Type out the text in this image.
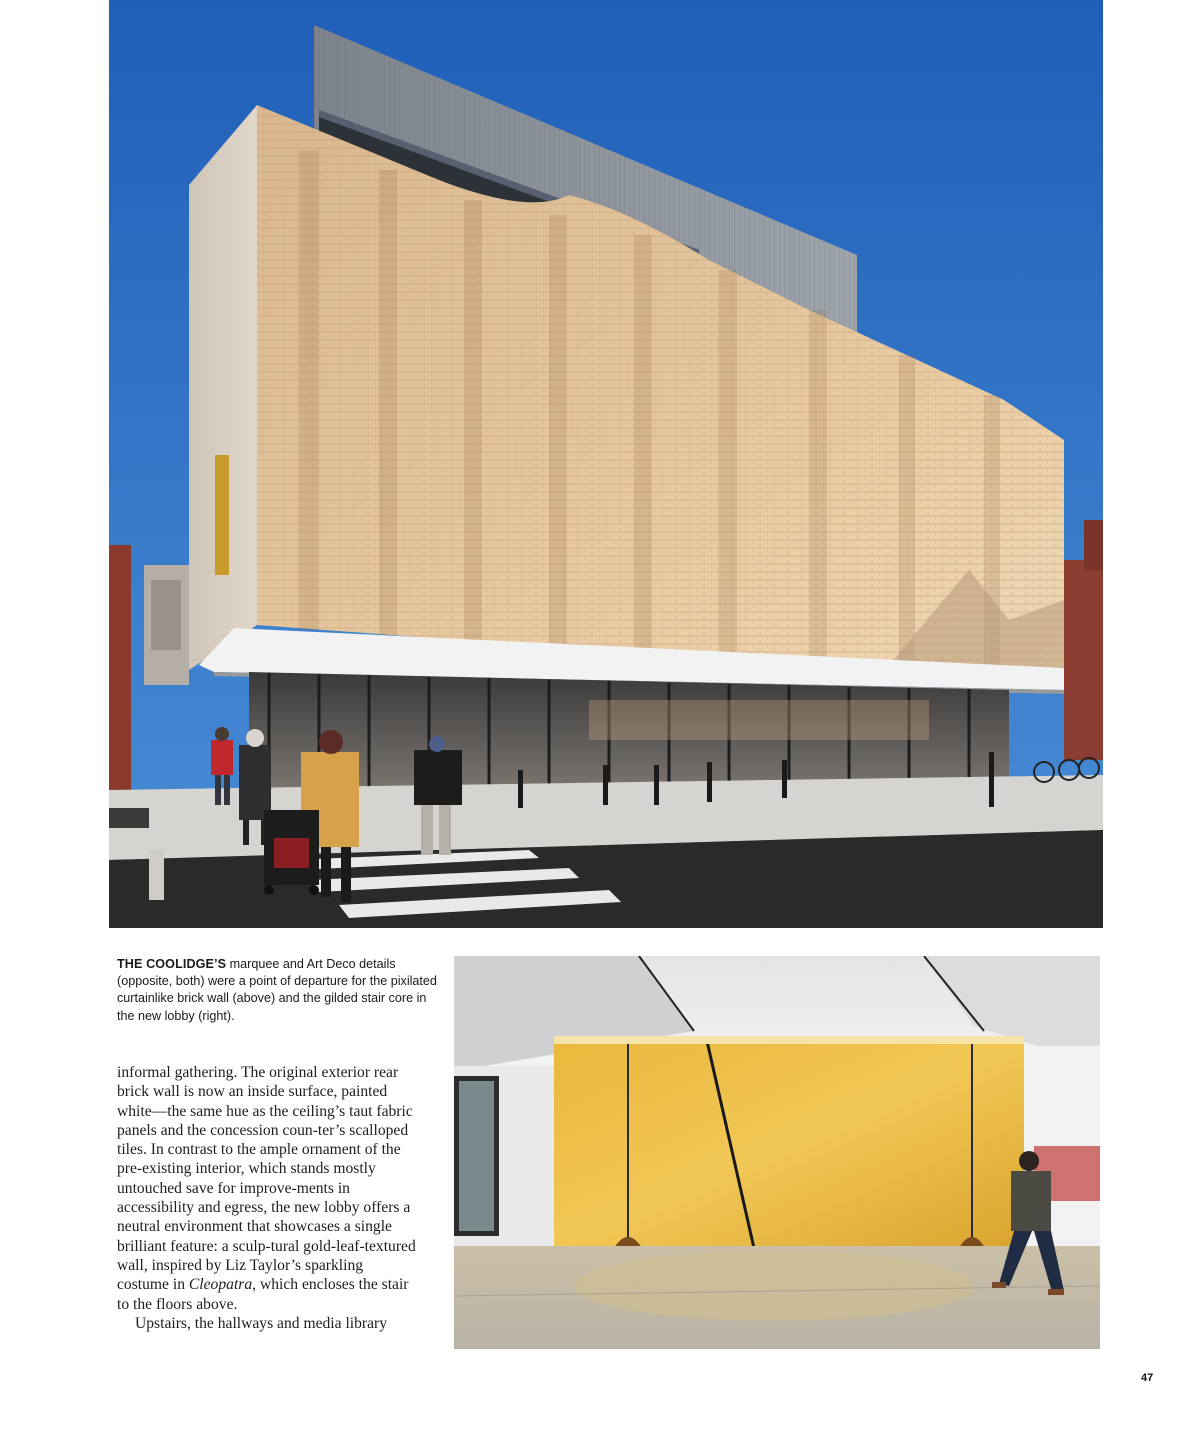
THE COOLIDGE’S marquee and Art Deco details (opposite, both) were a point of departure for the pixilated curtainlike brick wall (above) and the gilded stair core in the new lobby (right).

informal gathering. The original exterior rear brick wall is now an inside surface, painted white—the same hue as the ceiling’s taut fabric panels and the concession coun-ter’s scalloped tiles. In contrast to the ample ornament of the pre-existing interior, which stands mostly untouched save for improve-ments in accessibility and egress, the new lobby offers a neutral environment that showcases a single brilliant feature: a sculp-tural gold-leaf-textured wall, inspired by Liz Taylor’s sparkling costume in Cleopatra, which encloses the stair to the floors above.

Upstairs, the hallways and media library

47
